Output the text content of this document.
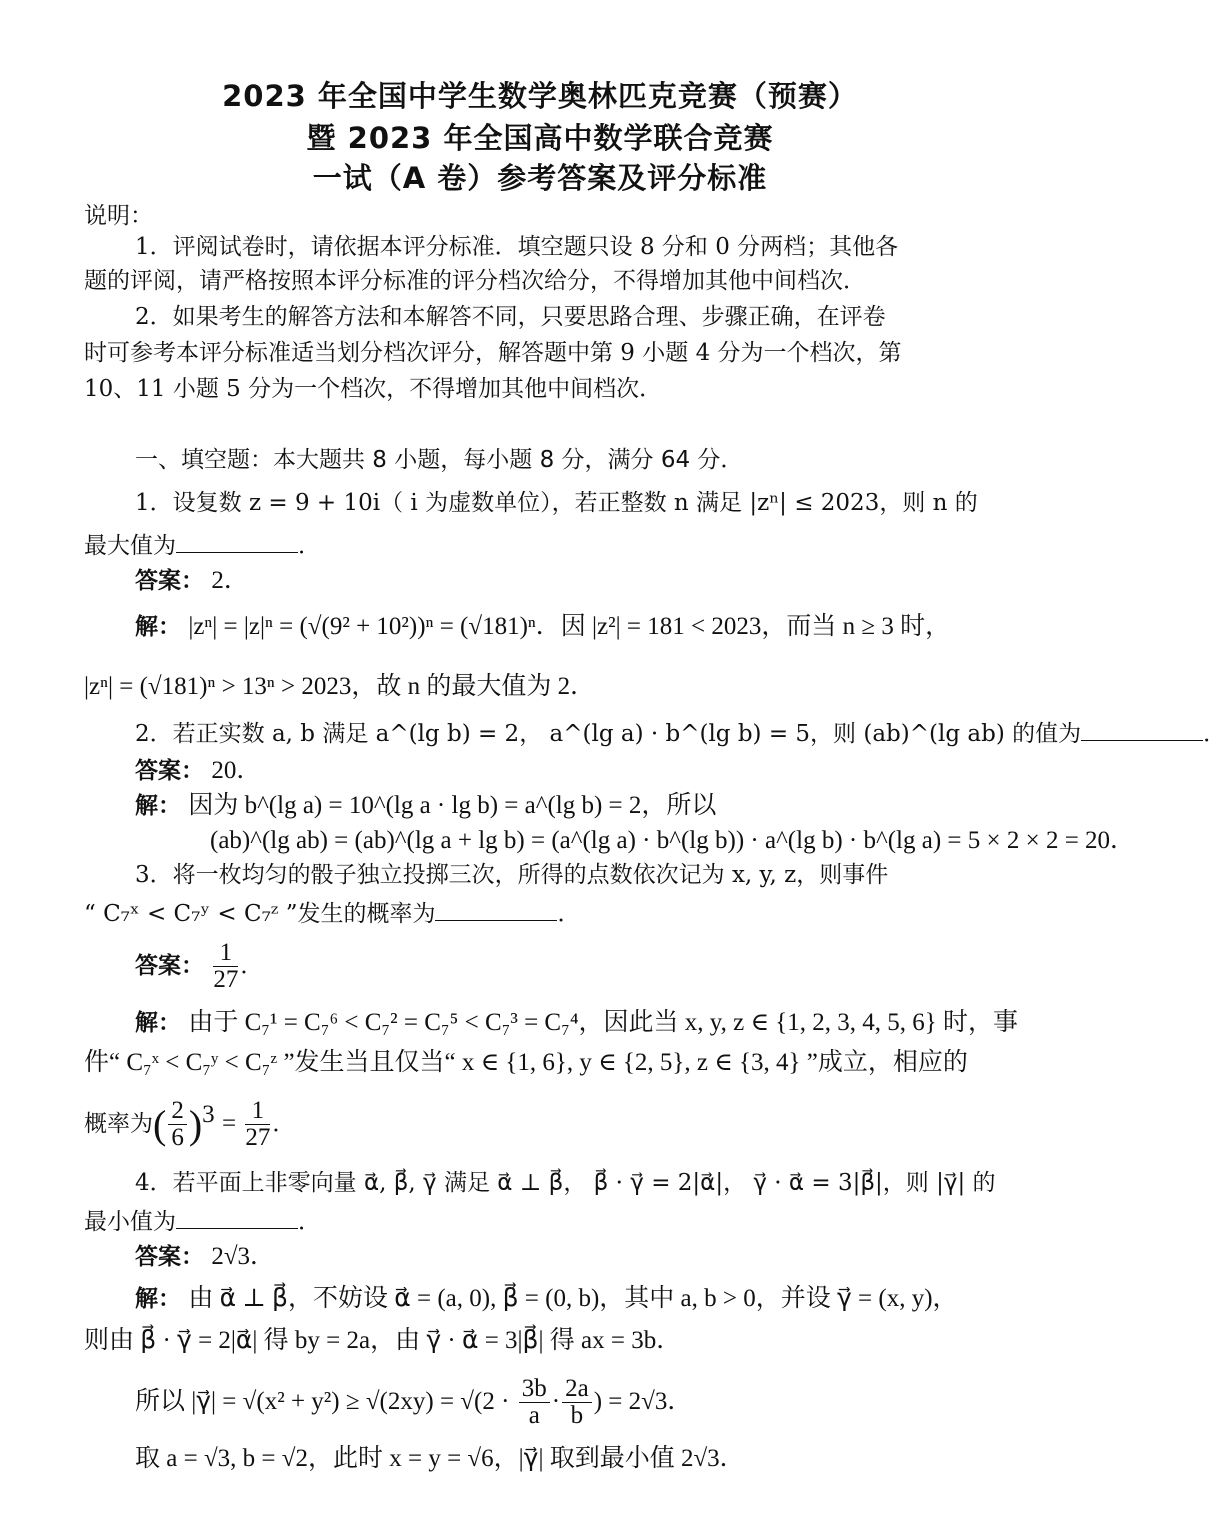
2023 年全国中学生数学奥林匹克竞赛（预赛）
暨 2023 年全国高中数学联合竞赛
一试（A 卷）参考答案及评分标准
说明：
1．评阅试卷时，请依据本评分标准．填空题只设 8 分和 0 分两档；其他各
题的评阅，请严格按照本评分标准的评分档次给分，不得增加其他中间档次．
2．如果考生的解答方法和本解答不同，只要思路合理、步骤正确，在评卷
时可参考本评分标准适当划分档次评分，解答题中第 9 小题 4 分为一个档次，第
10、11 小题 5 分为一个档次，不得增加其他中间档次．
一、填空题：本大题共 8 小题，每小题 8 分，满分 64 分．
1．设复数 z = 9 + 10i（ i 为虚数单位），若正整数 n 满足 |zⁿ| ≤ 2023，则 n 的
最大值为	．
答案： 2．
解： |zⁿ| = |z|ⁿ = (√(9² + 10²))ⁿ = (√181)ⁿ．因 |z²| = 181 < 2023，而当 n ≥ 3 时，
|zⁿ| = (√181)ⁿ > 13ⁿ > 2023，故 n 的最大值为 2．
2．若正实数 a, b 满足 a^(lg b) = 2， a^(lg a) · b^(lg b) = 5，则 (ab)^(lg ab) 的值为	．
答案： 20．
解： 因为 b^(lg a) = 10^(lg a · lg b) = a^(lg b) = 2，所以
(ab)^(lg ab) = (ab)^(lg a + lg b) = (a^(lg a) · b^(lg b)) · a^(lg b) · b^(lg a) = 5 × 2 × 2 = 20．
3．将一枚均匀的骰子独立投掷三次，所得的点数依次记为 x, y, z，则事件
“ C₇ˣ < C₇ʸ < C₇ᶻ ”发生的概率为	．
答案： $\frac{1}{27}$ ．
解： 由于 C₇¹ = C₇⁶ < C₇² = C₇⁵ < C₇³ = C₇⁴，因此当 x, y, z ∈ {1, 2, 3, 4, 5, 6} 时，事
件“ C₇ˣ < C₇ʸ < C₇ᶻ ”发生当且仅当“ x ∈ {1, 6}, y ∈ {2, 5}, z ∈ {3, 4} ”成立，相应的
概率为( $\frac{2}{6} )^3 = \frac{1}{27}$ ．
4．若平面上非零向量 α⃗, β⃗, γ⃗ 满足 α⃗ ⊥ β⃗， β⃗ · γ⃗ = 2|α⃗|， γ⃗ · α⃗ = 3|β⃗|，则 |γ⃗| 的
最小值为	．
答案： 2√3．
解： 由 α⃗ ⊥ β⃗，不妨设 α⃗ = (a, 0), β⃗ = (0, b)，其中 a, b > 0，并设 γ⃗ = (x, y)，
则由 β⃗ · γ⃗ = 2|α⃗| 得 by = 2a，由 γ⃗ · α⃗ = 3|β⃗| 得 ax = 3b．
所以 |γ⃗| = $√(x^2 + y^2) \ge √(2xy) = √(2 \cdot \frac{3b}{a} \cdot \frac{2a}{b}$ ) = 2√3．
取 a = √3, b = √2，此时 x = y = √6，|γ⃗| 取到最小值 2√3．
